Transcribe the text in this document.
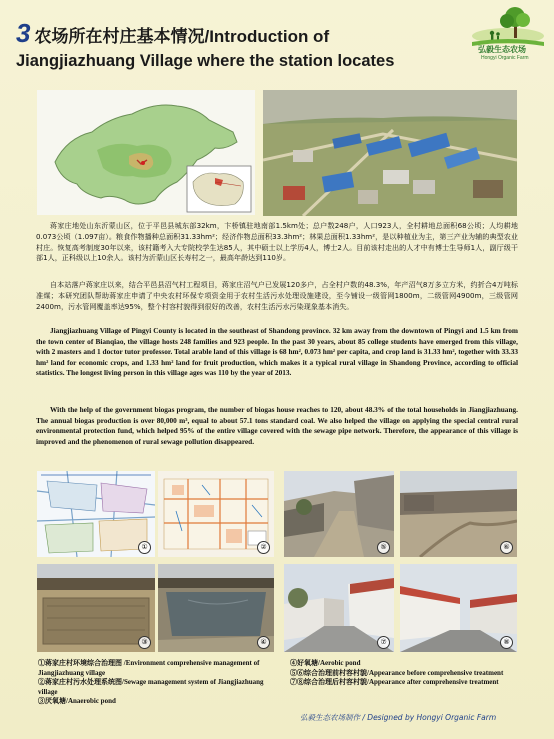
3 农场所在村庄基本情况/Introduction of
Jiangjiazhuang Village where the station locates
弘毅生态农场
Hongyi Organic Farm
蒋家庄地处山东沂蒙山区，位于平邑县城东部32km，卞桥镇驻地南部1.5km处；总户数248户，人口923人，全村耕地总面积68公顷；人均耕地0.073公顷（1.097亩）。粮食作物播种总面积31.33hm²；经济作物总面积33.3hm²；林果总面积1.33hm²，是以种植业为主，第三产业为辅的典型农业村庄。恢复高考制度30年以来，该村籍考入大专院校学生达85人，其中硕士以上学历4人，博士2人。目前该村走出的人才中有博士生导师1人，副厅级干部1人，正科级以上10余人。该村为沂蒙山区长寿村之一，最高年龄达到110岁。
自本站落户蒋家庄以来，结合平邑县沼气村工程项目，蒋家庄沼气户已发展120多户，占全村户数的48.3%，年产沼气8万多立方米，约折合4万吨标准煤；本研究团队帮助蒋家庄申请了中央农村环保专项资金用于农村生活污水处理设施建设，至今铺设一级管网1800m，二级管网4900m，三级管网2400m，污水管网覆盖率达95%，整个村容村貌得到很好的改善，农村生活污水污染现象基本消失。
Jiangjiazhuang Village of Pingyi County is located in the southeast of Shandong province. 32 km away from the downtown of Pingyi and 1.5 km from the town center of Bianqiao, the village hosts 248 families and 923 people. In the past 30 years, about 85 college students have emerged from this village, with 2 masters and 1 doctor tutor professor. Total arable land of this village is 68 hm², 0.073 hm² per capita, and crop land is 31.33 hm², together with 33.33 hm² land for economic crops, and 1.33 hm² land for fruit production, which makes it a typical rural village in Shandong Province, according to official statistics. The longest living person in this village ages was 110 by the year of 2013.
With the help of the government biogas program, the number of biogas house reaches to 120, about 48.3% of the total households in Jiangjiazhuang. The annual biogas production is over 80,000 m³, equal to about 57.1 tons standard coal. We also helped the village on applying the special central rural environmental protection fund, which helped 95% of the entire village covered with the sewage pipe network. Therefore, the appearance of this village is improved and the phenomenon of rural sewage pollution disappeared.
①	②	⑤	⑥
③	④	⑦	⑧
①蒋家庄村环境综合治理图 /Environment comprehensive management of Jiangjiazhuang village
②蒋家庄村污水处理系统图/Sewage management system of Jiangjiazhuang village
③厌氧塘/Anaerobic pond
④好氧塘/Aerobic pond
⑤⑥综合治理前村容村貌/Appearance before comprehensive treatment
⑦⑧综合治理后村容村貌/Appearance after comprehensive treatment
弘毅生态农场制作 / Designed by Hongyi Organic Farm
